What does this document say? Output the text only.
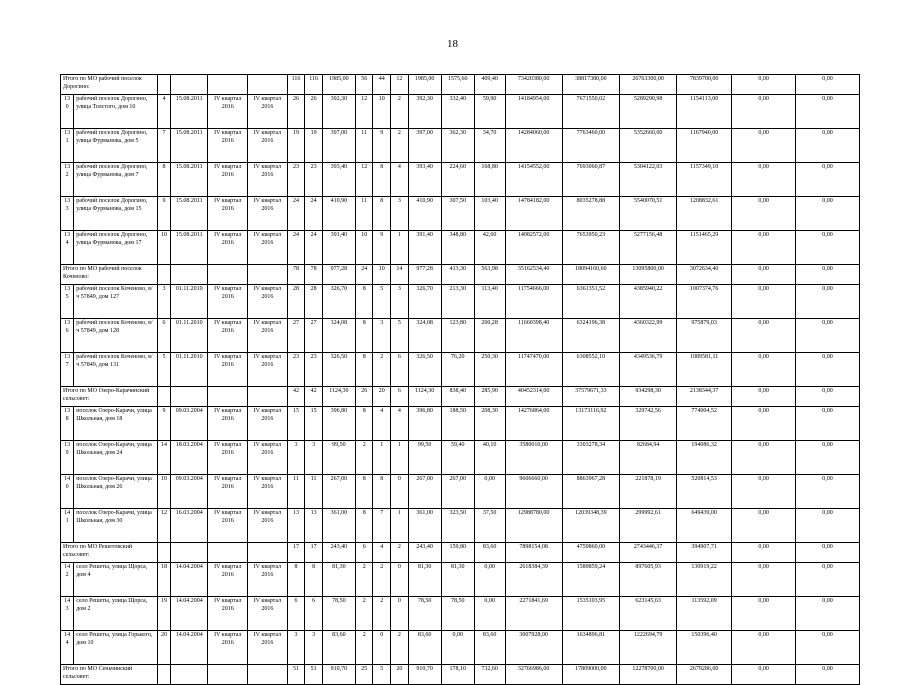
18
Итого по МО рабочий поселок Дорогино:						116	116	1985,00	56	44	12	1985,00	1575,60	409,40	73420380,00	38817380,00	26763300,00	7839700,00	0,00	0,00
130	рабочий поселок Дорогино, улица Толстого, дом 10	4	15.08.2011	IV квартал 2016	IV квартал 2016	26	26	392,30	12	10	2	392,30	332,40	59,90	14184954,00	7671550,02	5289290,98	1154113,00	0,00	0,00
131	рабочий поселок Дорогино, улица Фурманова, дом 5	7	15.08.2011	IV квартал 2016	IV квартал 2016	19	19	397,00	11	9	2	397,00	362,30	34,70	14284060,00	7763460,00	5352660,00	1167940,00	0,00	0,00
132	рабочий поселок Дорогино, улица Фурманова, дом 7	8	15.08.2011	IV квартал 2016	IV квартал 2016	23	23	393,40	12	8	4	393,40	224,60	168,80	14154552,00	7693060,87	5304122,03	1157349,10	0,00	0,00
133	рабочий поселок Дорогино, улица Фурманова, дом 15	9	15.08.2011	IV квартал 2016	IV квартал 2016	24	24	410,90	11	8	3	410,90	307,50	103,40	14784182,00	8035278,88	5540070,51	1208832,61	0,00	0,00
134	рабочий поселок Дорогино, улица Фурманова, дом 17	10	15.08.2011	IV квартал 2016	IV квартал 2016	24	24	391,40	10	9	1	391,40	348,80	42,60	14082572,00	7653950,23	5277156,48	1151465,29	0,00	0,00
Итого по МО рабочий поселок Коченово:						78	78	977,28	24	10	14	977,28	413,30	563,98	35162534,40	18094160,60	13095800,00	3072634,40	0,00	0,00
135	рабочий поселок Коченово, в/ч 57849, дом 127	3	01.11.2010	IV квартал 2016	IV квартал 2016	28	28	326,70	8	5	3	326,70	213,30	113,40	11754666,00	6361351,52	4385940,22	1007374,76	0,00	0,00
136	рабочий поселок Коченово, в/ч 57849, дом 128	6	01.11.2010	IV квартал 2016	IV квартал 2016	27	27	324,08	8	3	5	324,08	123,80	200,28	11660398,40	6324196,38	4360322,99	975879,03	0,00	0,00
137	рабочий поселок Коченово, в/ч 57849, дом 131	5	01.11.2010	IV квартал 2016	IV квартал 2016	23	23	326,50	8	2	6	326,50	76,20	250,30	11747470,00	6308552,10	4349536,79	1089581,11	0,00	0,00
Итого по МО Озеро-Карачинский сельсовет:						42	42	1124,30	26	20	6	1124,30	838,40	285,90	40452314,00	37579671,33	934298,30	2138344,37	0,00	0,00
138	поселок Озеро-Карачи, улица Школьная, дом 18	9	09.03.2004	IV квартал 2016	IV квартал 2016	15	15	396,80	8	4	4	396,80	188,50	208,30	14276864,00	13173116,92	329742,56	774004,52	0,00	0,00
139	поселок Озеро-Карачи, улица Школьная, дом 24	14	18.03.2004	IV квартал 2016	IV квартал 2016	3	3	99,50	2	1	1	99,50	59,40	40,10	3580010,00	3303278,34	82684,94	194086,32	0,00	0,00
140	поселок Озеро-Карачи, улица Школьная, дом 26	10	09.03.2004	IV квартал 2016	IV квартал 2016	11	11	267,00	8	8	0	267,00	267,00	0,00	9606660,00	8863967,28	221878,19	520814,53	0,00	0,00
141	поселок Озеро-Карачи, улица Школьная, дом 30	12	16.03.2004	IV квартал 2016	IV квартал 2016	13	13	361,00	8	7	1	361,00	323,50	37,50	12988780,00	12039348,39	299992,61	649439,00	0,00	0,00
Итого по МО Решетовский сельсовет:						17	17	243,40	6	4	2	243,40	159,80	83,60	7898154,08	4759860,00	2743446,37	394907,71	0,00	0,00
142	село Решеты, улица Щорса, дом 4	18	14.04.2004	IV квартал 2016	IV квартал 2016	8	8	81,30	2	2	0	81,30	81,30	0,00	2618384,39	1589859,24	897605,93	130919,22	0,00	0,00
143	село Решеты, улица Щорса, дом 2	19	14.04.2004	IV квартал 2016	IV квартал 2016	6	6	78,50	2	2	0	78,50	78,50	0,00	2271841,69	1535103,95	623145,63	113592,09	0,00	0,00
144	село Решеты, улица Горького, дом 10	20	14.04.2004	IV квартал 2016	IV квартал 2016	3	3	83,60	2	0	2	83,60	0,00	83,60	3007928,00	1634896,81	1222694,79	150396,40	0,00	0,00
Итого по МО Сеньчинский сельсовет:						51	51	910,70	25	5	20	910,70	178,10	732,60	32766986,00	17809000,00	12278700,00	2679286,00	0,00	0,00
